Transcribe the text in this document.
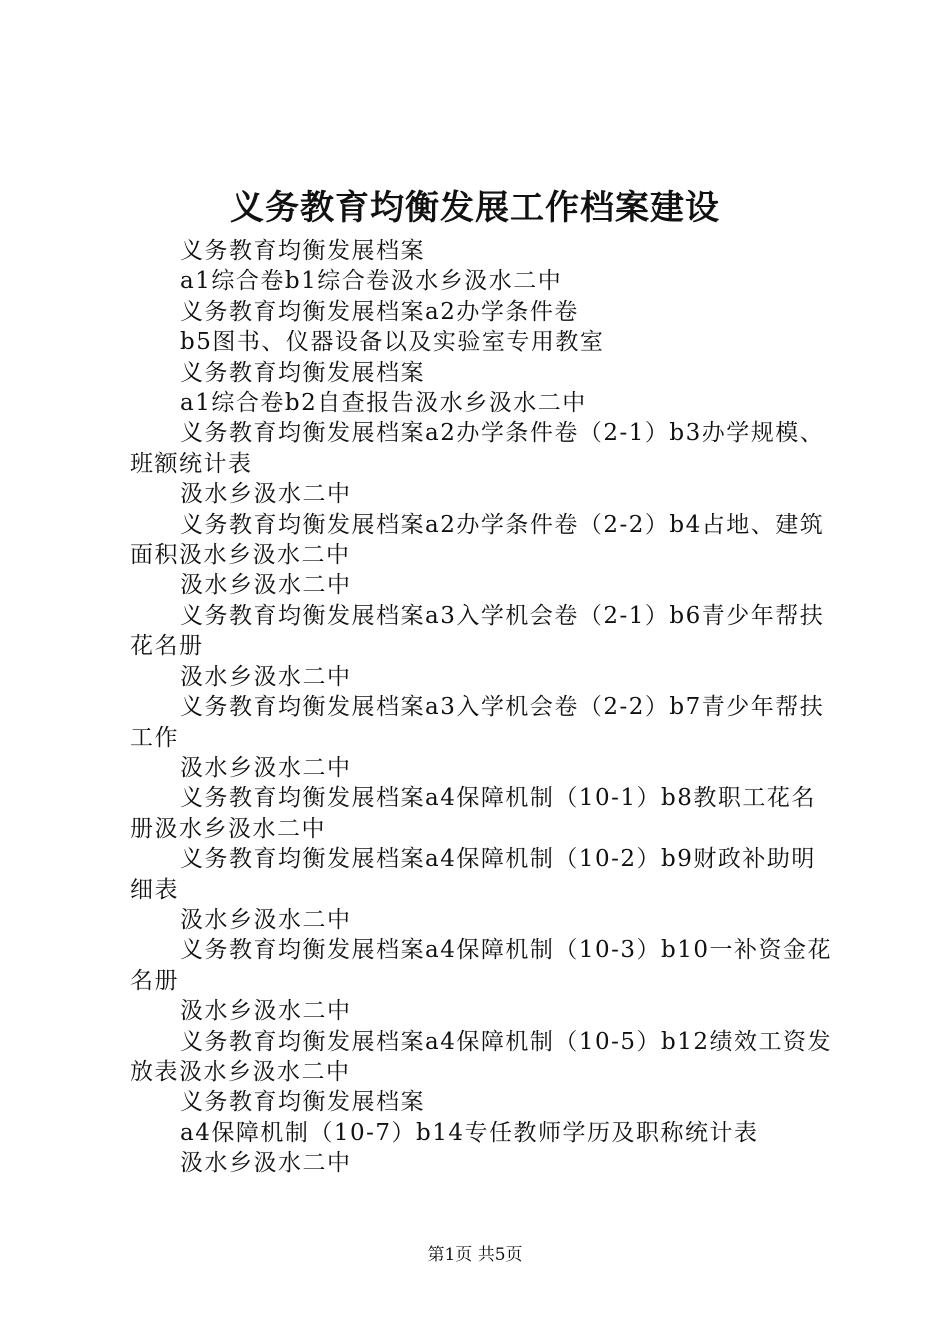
义务教育均衡发展工作档案建设

义务教育均衡发展档案

a1综合卷b1综合卷汲水乡汲水二中

义务教育均衡发展档案a2办学条件卷

b5图书、仪器设备以及实验室专用教室

义务教育均衡发展档案

a1综合卷b2自查报告汲水乡汲水二中

义务教育均衡发展档案a2办学条件卷（2-1）b3办学规模、班额统计表

汲水乡汲水二中

义务教育均衡发展档案a2办学条件卷（2-2）b4占地、建筑面积汲水乡汲水二中

汲水乡汲水二中

义务教育均衡发展档案a3入学机会卷（2-1）b6青少年帮扶花名册

汲水乡汲水二中

义务教育均衡发展档案a3入学机会卷（2-2）b7青少年帮扶工作

汲水乡汲水二中

义务教育均衡发展档案a4保障机制（10-1）b8教职工花名册汲水乡汲水二中

义务教育均衡发展档案a4保障机制（10-2）b9财政补助明细表

汲水乡汲水二中

义务教育均衡发展档案a4保障机制（10-3）b10一补资金花名册

汲水乡汲水二中

义务教育均衡发展档案a4保障机制（10-5）b12绩效工资发放表汲水乡汲水二中

义务教育均衡发展档案

a4保障机制（10-7）b14专任教师学历及职称统计表

汲水乡汲水二中

第1页 共5页
